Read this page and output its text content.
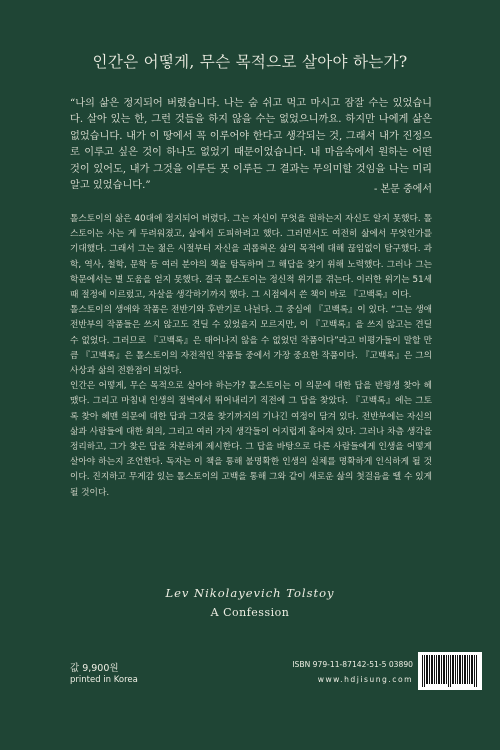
인간은 어떻게, 무슨 목적으로 살아야 하는가?
“나의 삶은 정지되어 버렸습니다. 나는 숨 쉬고 먹고 마시고 잠잘 수는 있었습니다. 살아 있는 한, 그런 것들을 하지 않을 수는 없었으니까요. 하지만 나에게 삶은 없었습니다. 내가 이 땅에서 꼭 이루어야 한다고 생각되는 것, 그래서 내가 진정으로 이루고 싶은 것이 하나도 없었기 때문이었습니다. 내 마음속에서 원하는 어떤 것이 있어도, 내가 그것을 이루든 못 이루든 그 결과는 무의미할 것임을 나는 미리 알고 있었습니다.”	- 본문 중에서

톨스토이의 삶은 40대에 정지되어 버렸다. 그는 자신이 무엇을 원하는지 자신도 알지 못했다. 톨스토이는 사는 게 두려워졌고, 삶에서 도피하려고 했다. 그러면서도 여전히 삶에서 무엇인가를 기대했다. 그래서 그는 젊은 시절부터 자신을 괴롭혀온 삶의 목적에 대해 끊임없이 탐구했다. 과학, 역사, 철학, 문학 등 여러 분야의 책을 탐독하며 그 해답을 찾기 위해 노력했다. 그러나 그는 학문에서는 별 도움을 얻지 못했다. 결국 톨스토이는 정신적 위기를 겪는다. 이러한 위기는 51세 때 절정에 이르렀고, 자살을 생각하기까지 했다. 그 시점에서 쓴 책이 바로 『고백록』이다.

톨스토이의 생애와 작품은 전반기와 후반기로 나뉜다. 그 중심에 『고백록』이 있다. “그는 생애 전반부의 작품들은 쓰지 않고도 견딜 수 있었을지 모르지만, 이 『고백록』을 쓰지 않고는 견딜 수 없었다. 그러므로 『고백록』은 태어나지 않을 수 없었던 작품이다”라고 비평가들이 말할 만큼 『고백록』은 톨스토이의 자전적인 작품들 중에서 가장 중요한 작품이다. 『고백록』은 그의 사상과 삶의 전환점이 되었다.

인간은 어떻게, 무슨 목적으로 살아야 하는가? 톨스토이는 이 의문에 대한 답을 반평생 찾아 헤맸다. 그리고 마침내 인생의 절벽에서 뛰어내리기 직전에 그 답을 찾았다. 『고백록』에는 그토록 찾아 헤맨 의문에 대한 답과 그것을 찾기까지의 기나긴 여정이 담겨 있다. 전반부에는 자신의 삶과 사람들에 대한 회의, 그리고 여러 가지 생각들이 어지럽게 흩어져 있다. 그러나 차츰 생각을 정리하고, 그가 찾은 답을 차분하게 제시한다. 그 답을 바탕으로 다른 사람들에게 인생을 어떻게 살아야 하는지 조언한다. 독자는 이 책을 통해 불명확한 인생의 실체를 명확하게 인식하게 될 것이다. 진지하고 무게감 있는 톨스토이의 고백을 통해 그와 같이 새로운 삶의 첫걸음을 뗄 수 있게 될 것이다.

Lev Nikolayevich Tolstoy
A Confession
값 9,900원
printed in Korea
ISBN 979-11-87142-51-5 03890
www.hdjisung.com
